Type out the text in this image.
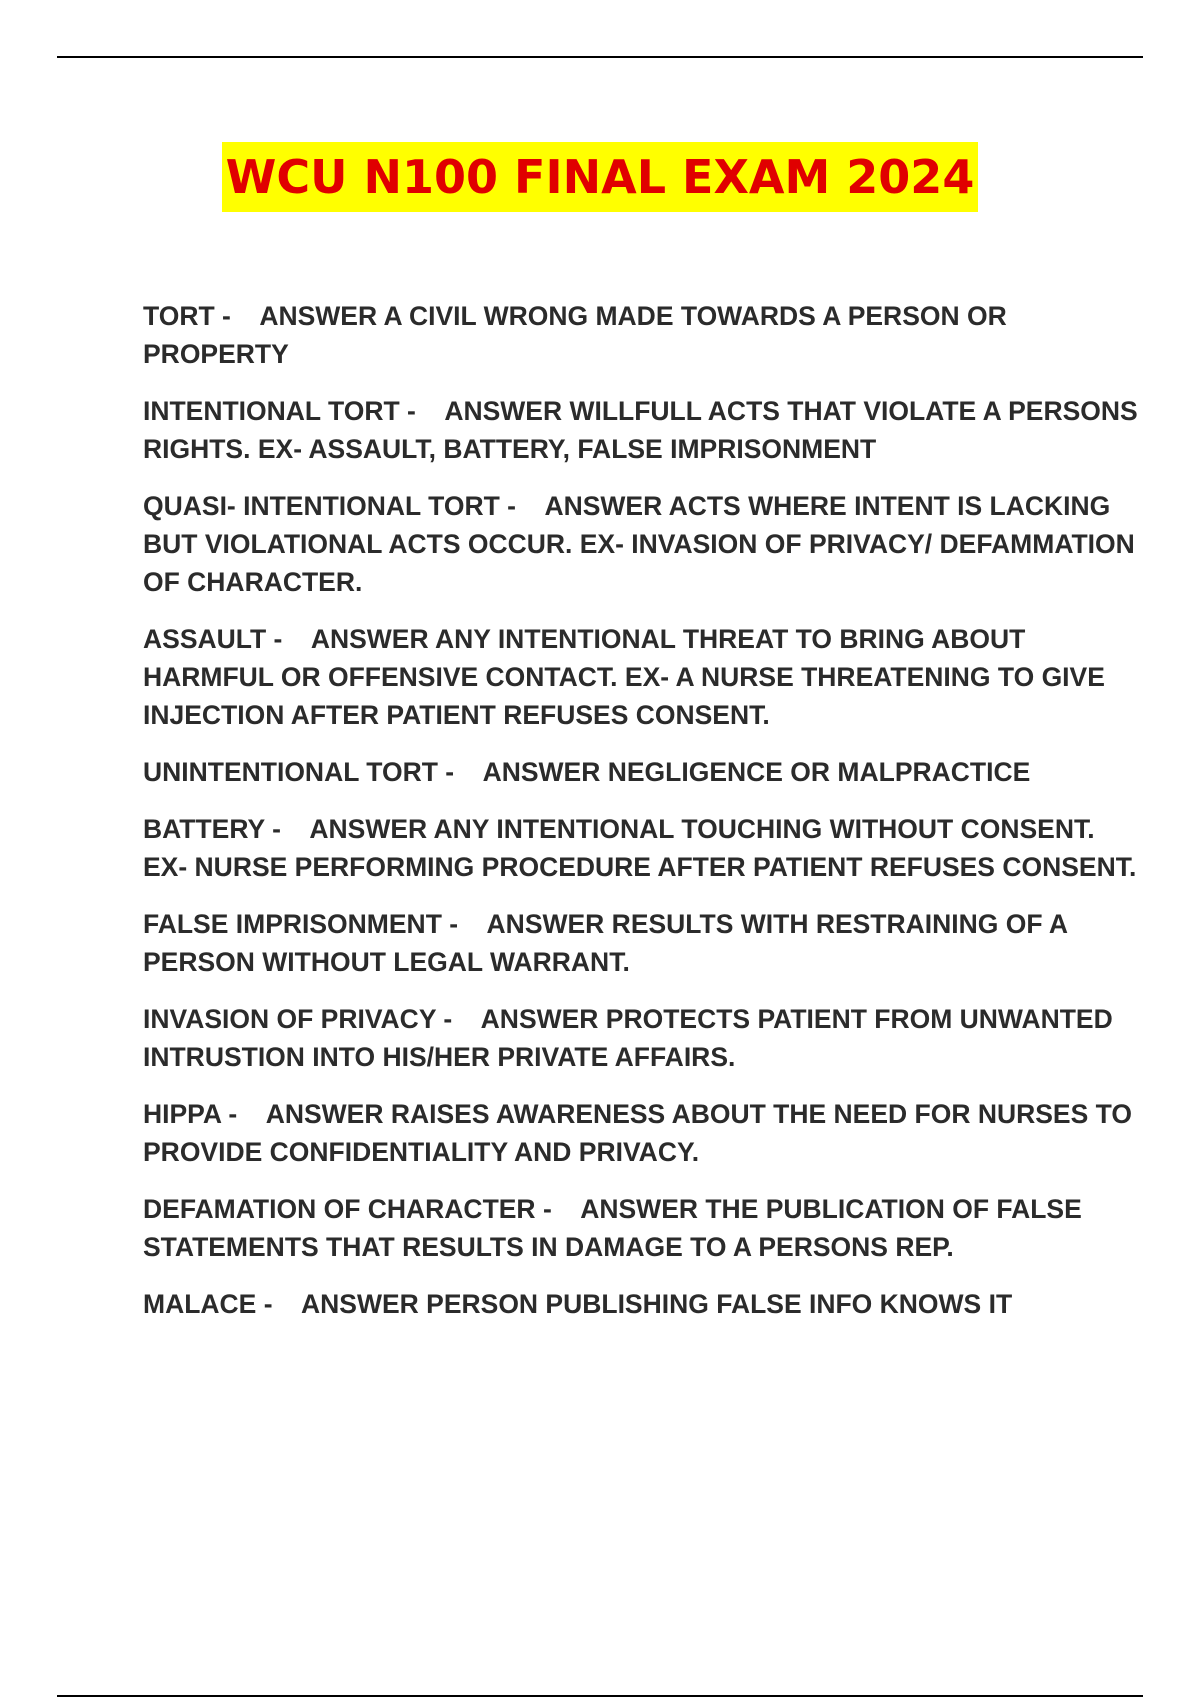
WCU N100 FINAL EXAM 2024
TORT -    ANSWER A CIVIL WRONG MADE TOWARDS A PERSON OR PROPERTY
INTENTIONAL TORT -    ANSWER WILLFULL ACTS THAT VIOLATE A PERSONS RIGHTS. EX- ASSAULT, BATTERY, FALSE IMPRISONMENT
QUASI- INTENTIONAL TORT -    ANSWER ACTS WHERE INTENT IS LACKING BUT VIOLATIONAL ACTS OCCUR. EX- INVASION OF PRIVACY/ DEFAMMATION OF CHARACTER.
ASSAULT -    ANSWER ANY INTENTIONAL THREAT TO BRING ABOUT HARMFUL OR OFFENSIVE CONTACT. EX- A NURSE THREATENING TO GIVE INJECTION AFTER PATIENT REFUSES CONSENT.
UNINTENTIONAL TORT -    ANSWER NEGLIGENCE OR MALPRACTICE
BATTERY -    ANSWER ANY INTENTIONAL TOUCHING WITHOUT CONSENT. EX- NURSE PERFORMING PROCEDURE AFTER PATIENT REFUSES CONSENT.
FALSE IMPRISONMENT -    ANSWER RESULTS WITH RESTRAINING OF A PERSON WITHOUT LEGAL WARRANT.
INVASION OF PRIVACY -    ANSWER PROTECTS PATIENT FROM UNWANTED INTRUSTION INTO HIS/HER PRIVATE AFFAIRS.
HIPPA -    ANSWER RAISES AWARENESS ABOUT THE NEED FOR NURSES TO PROVIDE CONFIDENTIALITY AND PRIVACY.
DEFAMATION OF CHARACTER -    ANSWER THE PUBLICATION OF FALSE STATEMENTS THAT RESULTS IN DAMAGE TO A PERSONS REP.
MALACE -    ANSWER PERSON PUBLISHING FALSE INFO KNOWS IT
